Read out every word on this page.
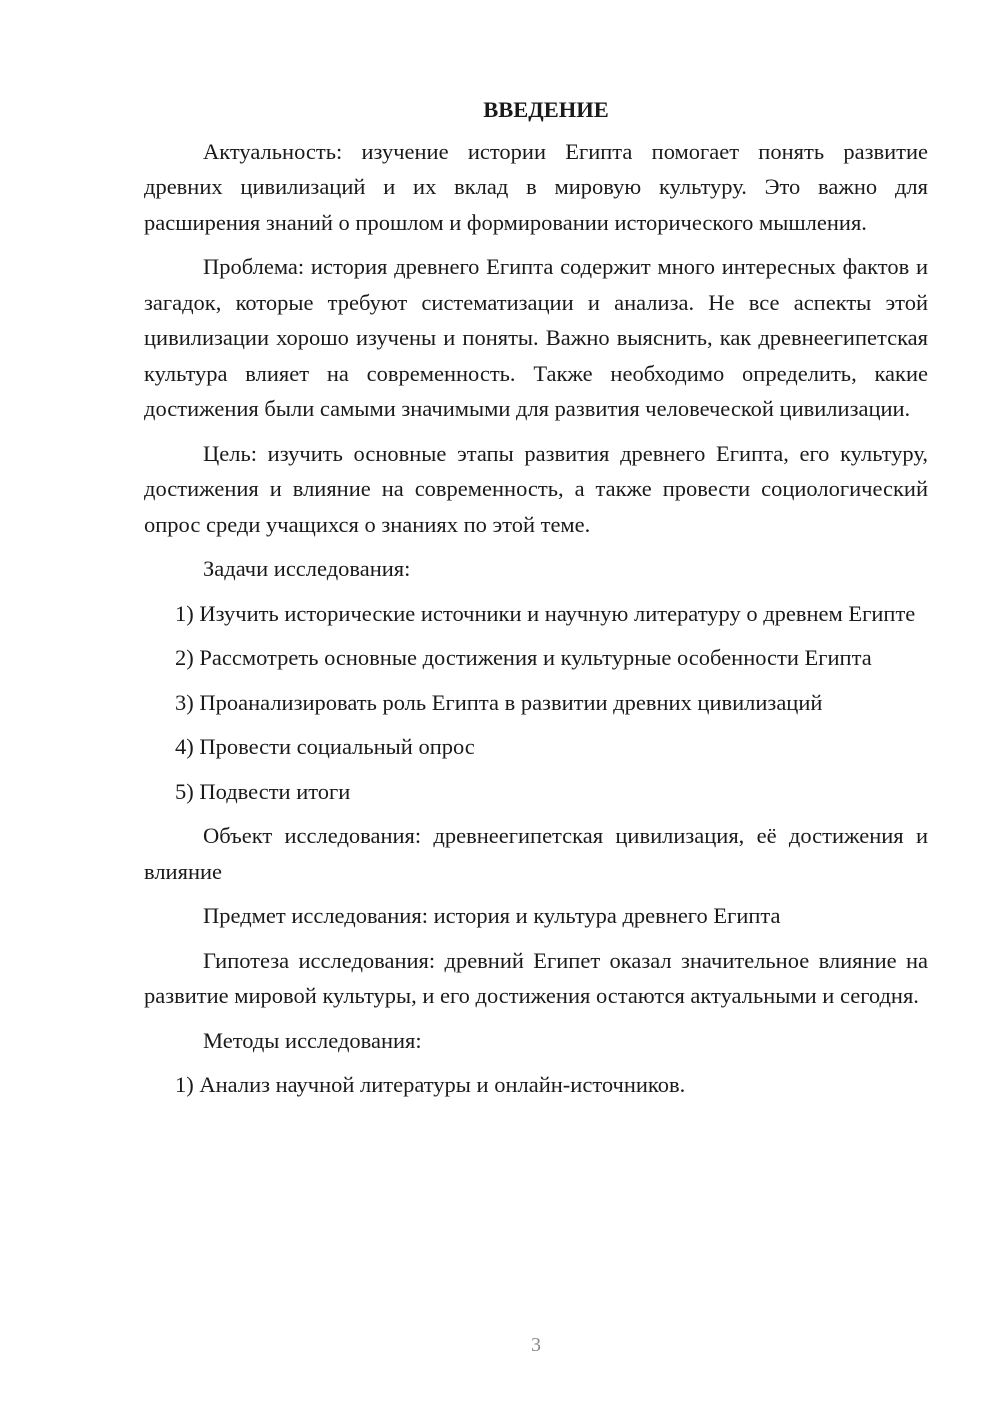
ВВЕДЕНИЕ

Актуальность: изучение истории Египта помогает понять развитие древних цивилизаций и их вклад в мировую культуру. Это важно для расширения знаний о прошлом и формировании исторического мышления.

Проблема: история древнего Египта содержит много интересных фактов и загадок, которые требуют систематизации и анализа. Не все аспекты этой цивилизации хорошо изучены и поняты. Важно выяснить, как древнеегипетская культура влияет на современность. Также необходимо определить, какие достижения были самыми значимыми для развития человеческой цивилизации.

Цель: изучить основные этапы развития древнего Египта, его культуру, достижения и влияние на современность, а также провести социологический опрос среди учащихся о знаниях по этой теме.

Задачи исследования:

1) Изучить исторические источники и научную литературу о древнем Египте

2) Рассмотреть основные достижения и культурные особенности Египта

3) Проанализировать роль Египта в развитии древних цивилизаций

4) Провести социальный опрос

5) Подвести итоги

Объект исследования: древнеегипетская цивилизация, её достижения и влияние

Предмет исследования: история и культура древнего Египта

Гипотеза исследования: древний Египет оказал значительное влияние на развитие мировой культуры, и его достижения остаются актуальными и сегодня.

Методы исследования:

1) Анализ научной литературы и онлайн-источников.

3
